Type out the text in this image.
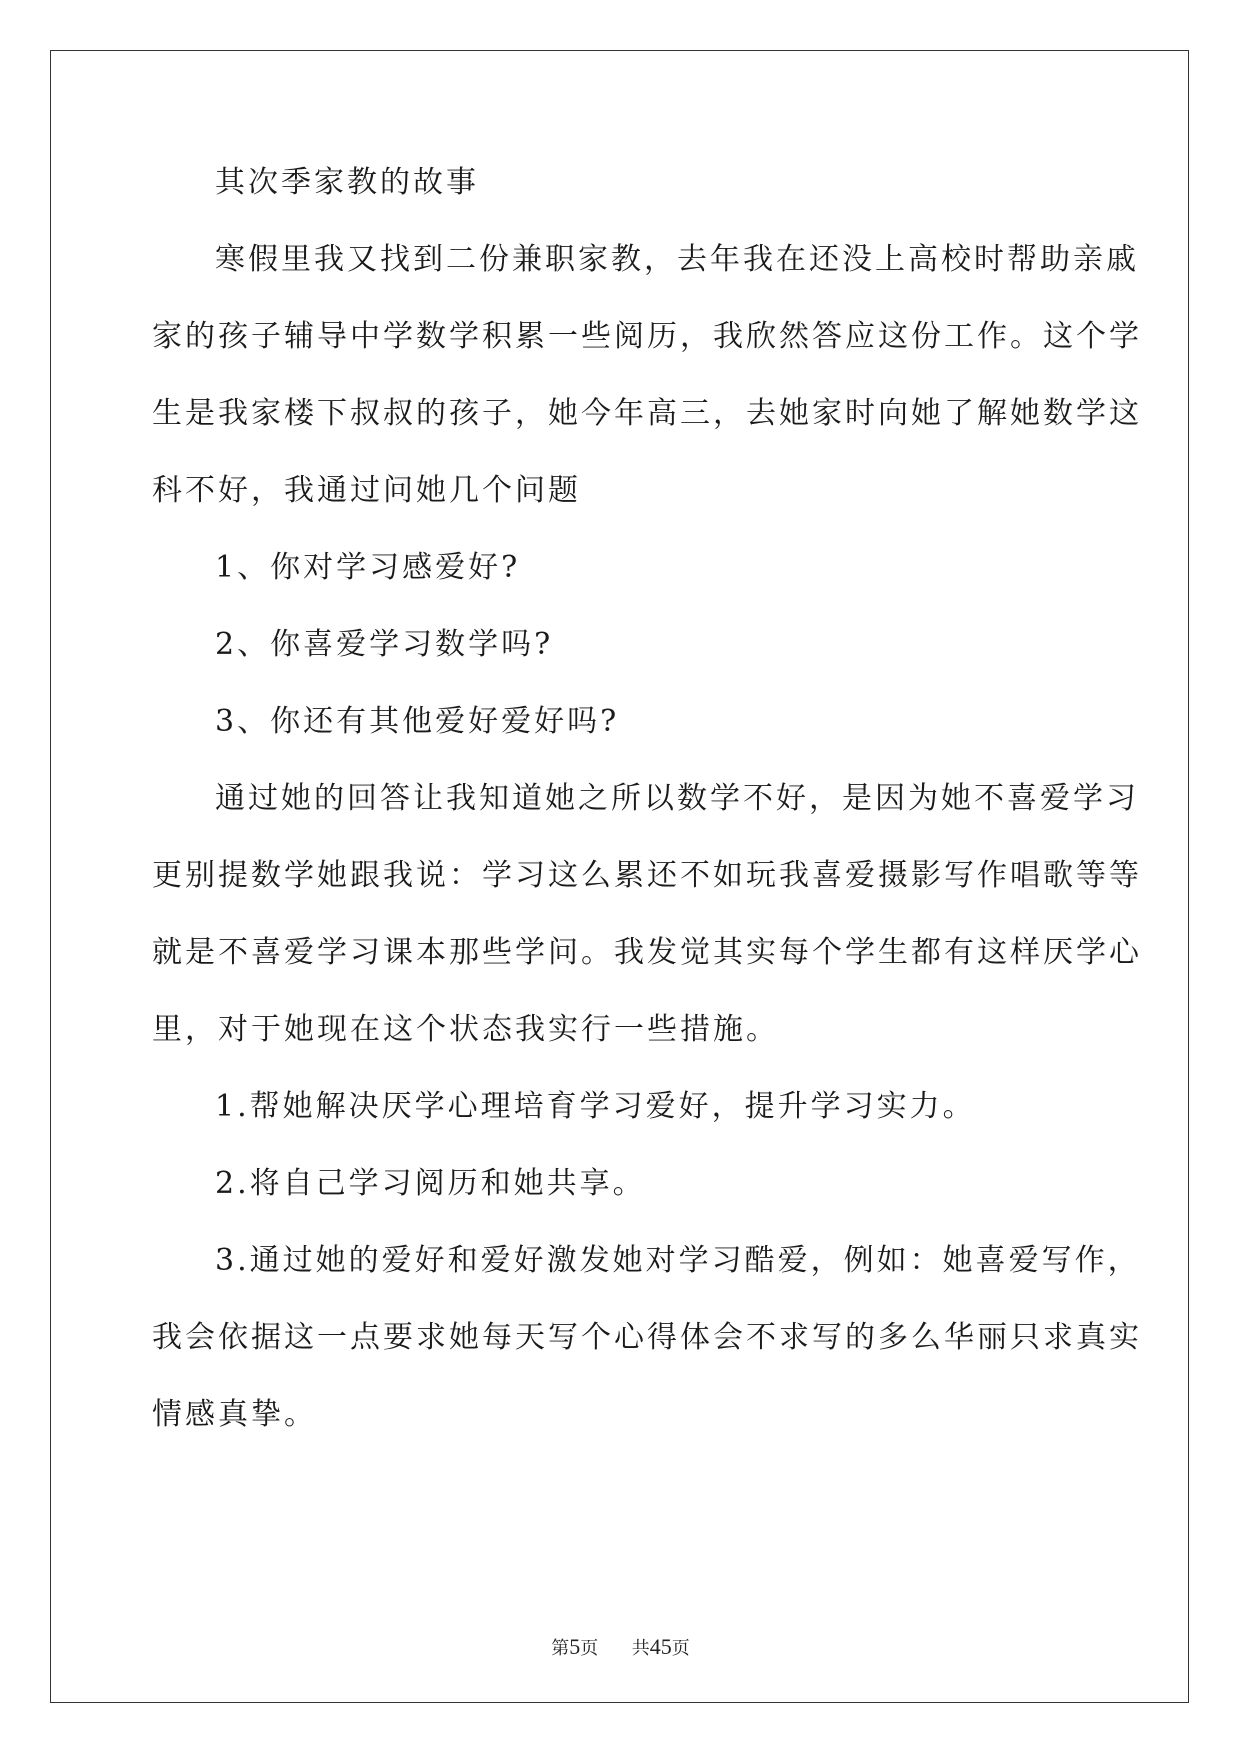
其次季家教的故事

寒假里我又找到二份兼职家教，去年我在还没上高校时帮助亲戚
家的孩子辅导中学数学积累一些阅历，我欣然答应这份工作。这个学
生是我家楼下叔叔的孩子，她今年高三，去她家时向她了解她数学这
科不好，我通过问她几个问题

1、你对学习感爱好?

2、你喜爱学习数学吗?

3、你还有其他爱好爱好吗?

通过她的回答让我知道她之所以数学不好，是因为她不喜爱学习
更别提数学她跟我说：学习这么累还不如玩我喜爱摄影写作唱歌等等
就是不喜爱学习课本那些学问。我发觉其实每个学生都有这样厌学心
里，对于她现在这个状态我实行一些措施。

1.帮她解决厌学心理培育学习爱好，提升学习实力。

2.将自己学习阅历和她共享。

3.通过她的爱好和爱好激发她对学习酷爱，例如：她喜爱写作，
我会依据这一点要求她每天写个心得体会不求写的多么华丽只求真实
情感真挚。
第5页 共45页
